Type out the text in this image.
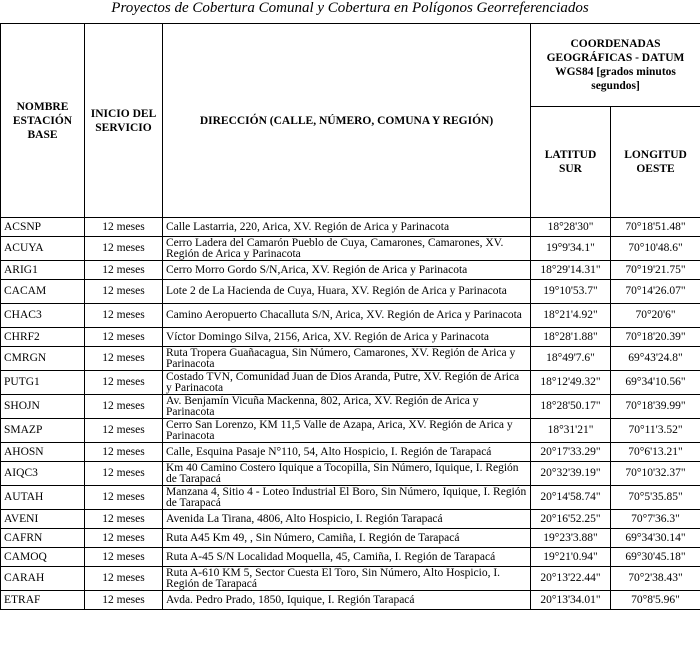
Proyectos de Cobertura Comunal y Cobertura en Polígonos Georreferenciados
NOMBRE ESTACIÓN BASE	INICIO DEL SERVICIO	DIRECCIÓN (CALLE, NÚMERO, COMUNA Y REGIÓN)	COORDENADAS GEOGRÁFICAS - DATUM WGS84 [grados minutos segundos]	
			LATITUD SUR	LONGITUD OESTE
ACSNP	12 meses	Calle Lastarria, 220, Arica, XV. Región de Arica y Parinacota	18°28'30"	70°18'51.48"
ACUYA	12 meses	Cerro Ladera del Camarón Pueblo de Cuya, Camarones, Camarones, XV. Región de Arica y Parinacota	19°9'34.1"	70°10'48.6"
ARIG1	12 meses	Cerro Morro Gordo S/N,Arica, XV. Región de Arica y Parinacota	18°29'14.31"	70°19'21.75"
CACAM	12 meses	Lote 2 de La Hacienda de Cuya, Huara, XV. Región de Arica y Parinacota	19°10'53.7"	70°14'26.07"
CHAC3	12 meses	Camino Aeropuerto Chacalluta S/N, Arica, XV. Región de Arica y Parinacota	18°21'4.92"	70°20'6"
CHRF2	12 meses	Víctor Domingo Silva, 2156, Arica, XV. Región de Arica y Parinacota	18°28'1.88"	70°18'20.39"
CMRGN	12 meses	Ruta Tropera Guañacagua, Sin Número, Camarones, XV. Región de Arica y Parinacota	18°49'7.6"	69°43'24.8"
PUTG1	12 meses	Costado TVN, Comunidad Juan de Dios Aranda, Putre, XV. Región de Arica y Parinacota	18°12'49.32"	69°34'10.56"
SHOJN	12 meses	Av. Benjamín Vicuña Mackenna, 802, Arica, XV. Región de Arica y Parinacota	18°28'50.17"	70°18'39.99"
SMAZP	12 meses	Cerro San Lorenzo, KM 11,5 Valle de Azapa, Arica, XV. Región de Arica y Parinacota	18°31'21"	70°11'3.52"
AHOSN	12 meses	Calle, Esquina Pasaje N°110, 54, Alto Hospicio, I. Región de Tarapacá	20°17'33.29"	70°6'13.21"
AIQC3	12 meses	Km 40 Camino Costero Iquique a Tocopilla, Sin Número, Iquique, I. Región de Tarapacá	20°32'39.19"	70°10'32.37"
AUTAH	12 meses	Manzana 4, Sitio 4 - Loteo Industrial El Boro, Sin Número, Iquique, I. Región de Tarapacá	20°14'58.74"	70°5'35.85"
AVENI	12 meses	Avenida La Tirana, 4806, Alto Hospicio, I. Región Tarapacá	20°16'52.25"	70°7'36.3"
CAFRN	12 meses	Ruta A45 Km 49, , Sin Número, Camiña, I. Región de Tarapacá	19°23'3.88"	69°34'30.14"
CAMOQ	12 meses	Ruta A-45 S/N Localidad Moquella, 45, Camiña, I. Región de Tarapacá	19°21'0.94"	69°30'45.18"
CARAH	12 meses	Ruta A-610 KM 5, Sector Cuesta El Toro, Sin Número, Alto Hospicio, I. Región de Tarapacá	20°13'22.44"	70°2'38.43"
ETRAF	12 meses	Avda. Pedro Prado, 1850, Iquique, I. Región Tarapacá	20°13'34.01"	70°8'5.96"
